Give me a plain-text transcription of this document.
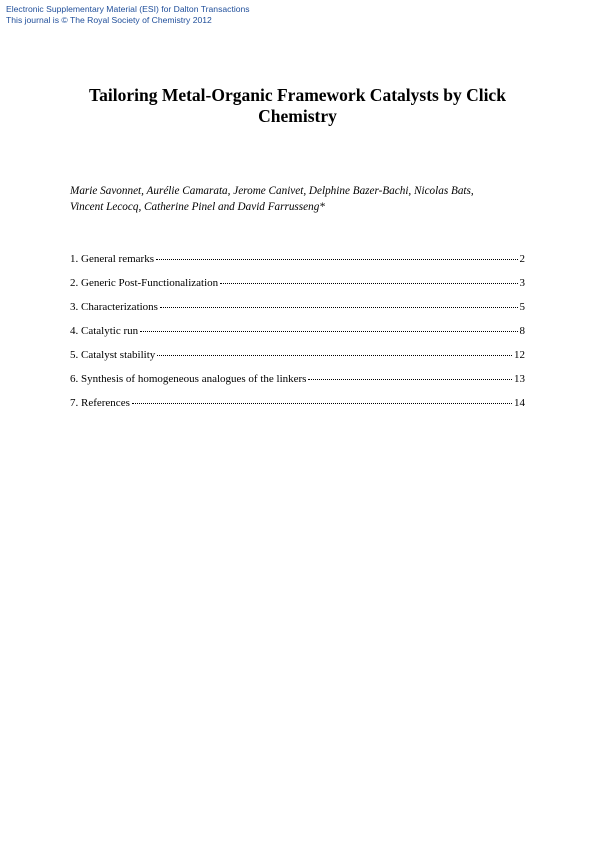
Electronic Supplementary Material (ESI) for Dalton Transactions
This journal is © The Royal Society of Chemistry 2012
Tailoring Metal-Organic Framework Catalysts by Click Chemistry
Marie Savonnet, Aurélie Camarata, Jerome Canivet, Delphine Bazer-Bachi, Nicolas Bats,
Vincent Lecocq, Catherine Pinel and David Farrusseng*
1. General remarks	2
2. Generic Post-Functionalization	3
3. Characterizations	5
4. Catalytic run	8
5. Catalyst stability	12
6. Synthesis of homogeneous analogues of the linkers	13
7. References	14
